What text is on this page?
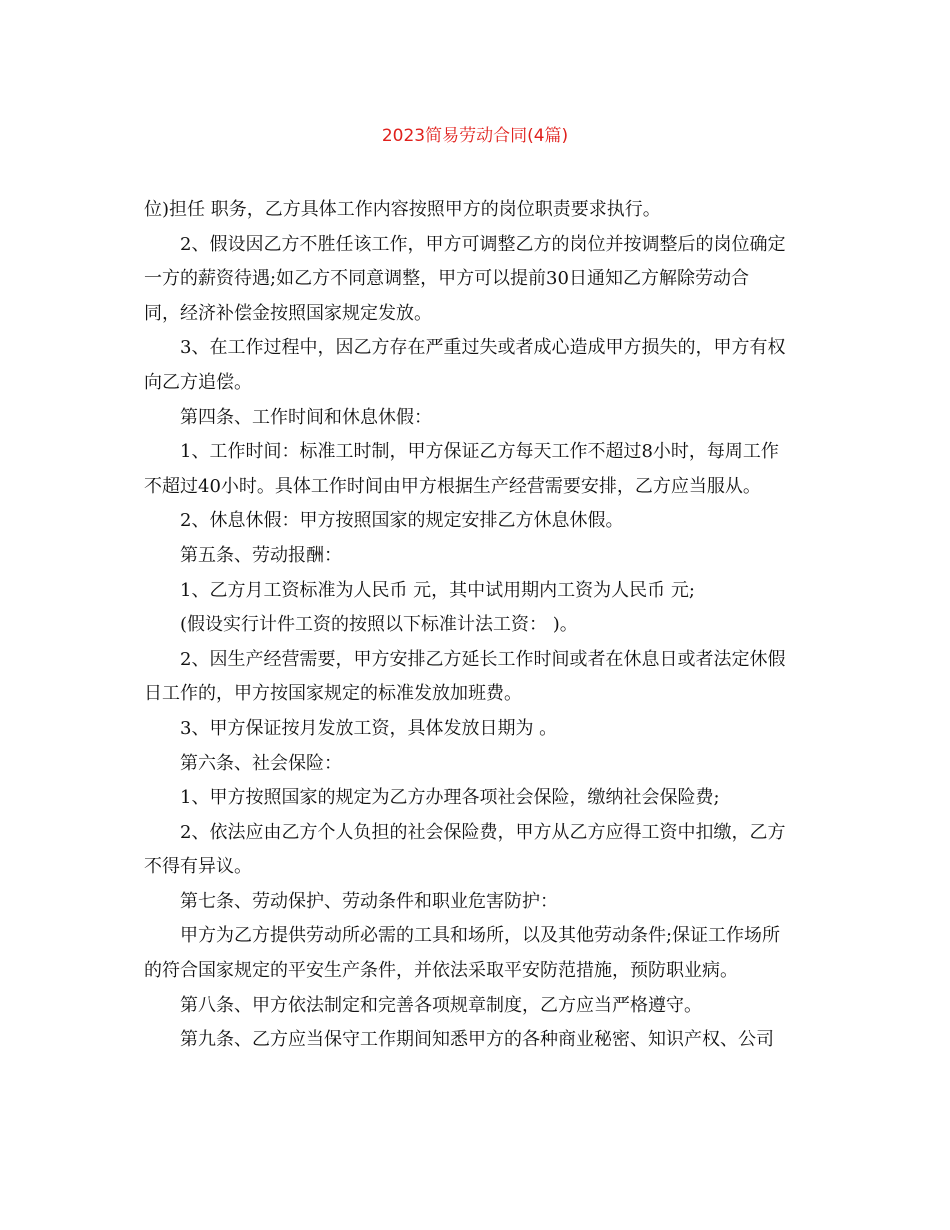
2023简易劳动合同(4篇)

位)担任 职务，乙方具体工作内容按照甲方的岗位职责要求执行。

2、假设因乙方不胜任该工作，甲方可调整乙方的岗位并按调整后的岗位确定
一方的薪资待遇;如乙方不同意调整，甲方可以提前30日通知乙方解除劳动合
同，经济补偿金按照国家规定发放。

3、在工作过程中，因乙方存在严重过失或者成心造成甲方损失的，甲方有权
向乙方追偿。

第四条、工作时间和休息休假：

1、工作时间：标准工时制，甲方保证乙方每天工作不超过8小时，每周工作
不超过40小时。具体工作时间由甲方根据生产经营需要安排，乙方应当服从。

2、休息休假：甲方按照国家的规定安排乙方休息休假。

第五条、劳动报酬：

1、乙方月工资标准为人民币 元，其中试用期内工资为人民币 元;

(假设实行计件工资的按照以下标准计法工资： )。

2、因生产经营需要，甲方安排乙方延长工作时间或者在休息日或者法定休假
日工作的，甲方按国家规定的标准发放加班费。

3、甲方保证按月发放工资，具体发放日期为 。

第六条、社会保险：

1、甲方按照国家的规定为乙方办理各项社会保险，缴纳社会保险费;

2、依法应由乙方个人负担的社会保险费，甲方从乙方应得工资中扣缴，乙方
不得有异议。

第七条、劳动保护、劳动条件和职业危害防护：

甲方为乙方提供劳动所必需的工具和场所，以及其他劳动条件;保证工作场所
的符合国家规定的平安生产条件，并依法采取平安防范措施，预防职业病。

第八条、甲方依法制定和完善各项规章制度，乙方应当严格遵守。

第九条、乙方应当保守工作期间知悉甲方的各种商业秘密、知识产权、公司
